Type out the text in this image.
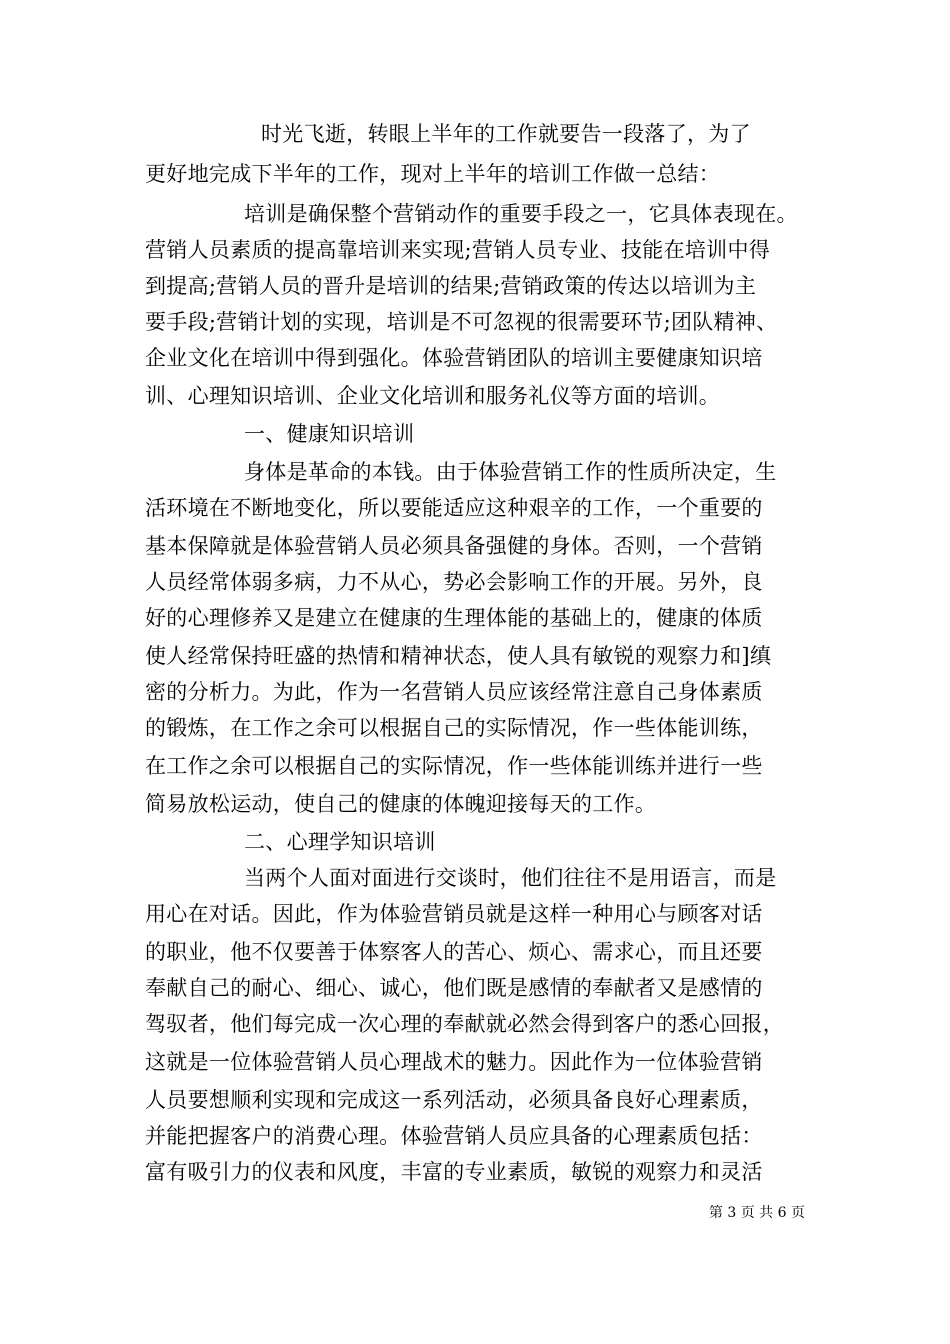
时光飞逝，转眼上半年的工作就要告一段落了，为了
更好地完成下半年的工作，现对上半年的培训工作做一总结：
培训是确保整个营销动作的重要手段之一，它具体表现在。
营销人员素质的提高靠培训来实现;营销人员专业、技能在培训中得
到提高;营销人员的晋升是培训的结果;营销政策的传达以培训为主
要手段;营销计划的实现，培训是不可忽视的很需要环节;团队精神、
企业文化在培训中得到强化。体验营销团队的培训主要健康知识培
训、心理知识培训、企业文化培训和服务礼仪等方面的培训。
一、健康知识培训
身体是革命的本钱。由于体验营销工作的性质所决定，生
活环境在不断地变化，所以要能适应这种艰辛的工作，一个重要的
基本保障就是体验营销人员必须具备强健的身体。否则，一个营销
人员经常体弱多病，力不从心，势必会影响工作的开展。另外，良
好的心理修养又是建立在健康的生理体能的基础上的，健康的体质
使人经常保持旺盛的热情和精神状态，使人具有敏锐的观察力和]缜
密的分析力。为此，作为一名营销人员应该经常注意自己身体素质
的锻炼，在工作之余可以根据自己的实际情况，作一些体能训练，
在工作之余可以根据自己的实际情况，作一些体能训练并进行一些
简易放松运动，使自己的健康的体魄迎接每天的工作。
二、心理学知识培训
当两个人面对面进行交谈时，他们往往不是用语言，而是
用心在对话。因此，作为体验营销员就是这样一种用心与顾客对话
的职业，他不仅要善于体察客人的苦心、烦心、需求心，而且还要
奉献自己的耐心、细心、诚心，他们既是感情的奉献者又是感情的
驾驭者，他们每完成一次心理的奉献就必然会得到客户的悉心回报，
这就是一位体验营销人员心理战术的魅力。因此作为一位体验营销
人员要想顺利实现和完成这一系列活动，必须具备良好心理素质，
并能把握客户的消费心理。体验营销人员应具备的心理素质包括：
富有吸引力的仪表和风度，丰富的专业素质，敏锐的观察力和灵活
第 3 页 共 6 页
